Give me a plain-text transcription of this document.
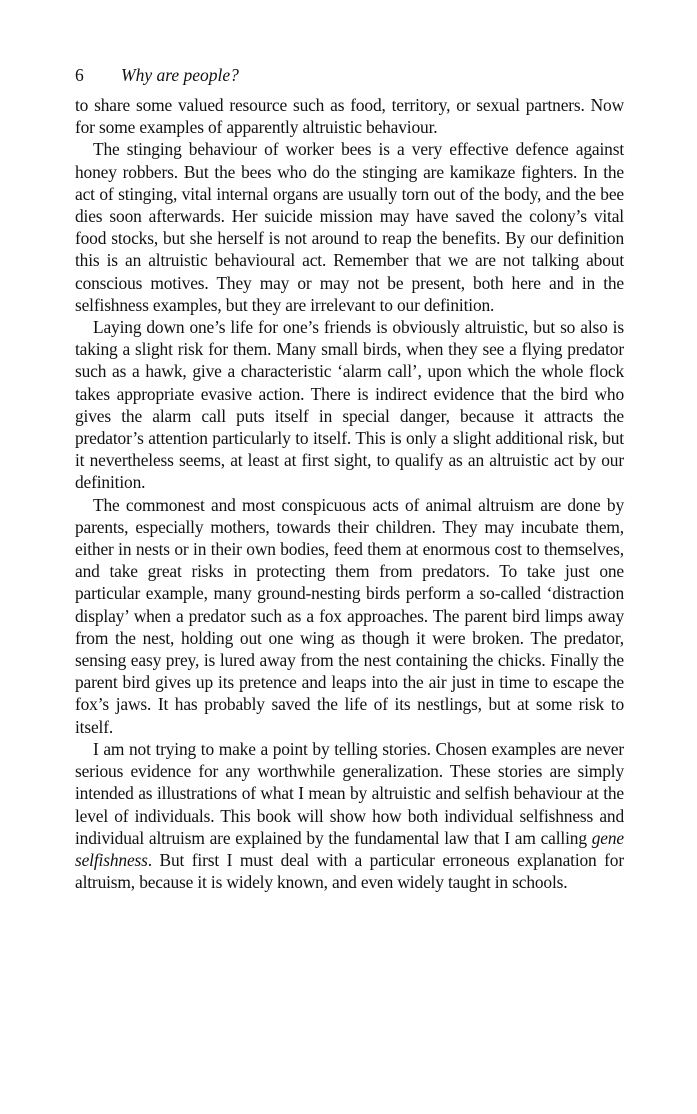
6 Why are people?

to share some valued resource such as food, territory, or sexual partners. Now for some examples of apparently altruistic behaviour.

The stinging behaviour of worker bees is a very effective defence against honey robbers. But the bees who do the stinging are kamikaze fighters. In the act of stinging, vital internal organs are usually torn out of the body, and the bee dies soon afterwards. Her suicide mission may have saved the colony’s vital food stocks, but she herself is not around to reap the benefits. By our definition this is an altruistic behavioural act. Remember that we are not talking about conscious motives. They may or may not be present, both here and in the selfishness examples, but they are irrelevant to our definition.

Laying down one’s life for one’s friends is obviously altruistic, but so also is taking a slight risk for them. Many small birds, when they see a flying predator such as a hawk, give a characteristic ‘alarm call’, upon which the whole flock takes appropriate evasive action. There is indirect evidence that the bird who gives the alarm call puts itself in special danger, because it attracts the predator’s attention particularly to itself. This is only a slight additional risk, but it nevertheless seems, at least at first sight, to qualify as an altruistic act by our definition.

The commonest and most conspicuous acts of animal altruism are done by parents, especially mothers, towards their children. They may incubate them, either in nests or in their own bodies, feed them at enormous cost to themselves, and take great risks in protecting them from predators. To take just one particular example, many ground-nesting birds perform a so-called ‘distraction display’ when a predator such as a fox approaches. The parent bird limps away from the nest, holding out one wing as though it were broken. The predator, sensing easy prey, is lured away from the nest containing the chicks. Finally the parent bird gives up its pretence and leaps into the air just in time to escape the fox’s jaws. It has probably saved the life of its nestlings, but at some risk to itself.

I am not trying to make a point by telling stories. Chosen examples are never serious evidence for any worthwhile generalization. These stories are simply intended as illustrations of what I mean by altruistic and selfish behaviour at the level of individuals. This book will show how both individual selfishness and individual altruism are explained by the fundamental law that I am calling gene selfishness. But first I must deal with a particular erroneous explanation for altruism, because it is widely known, and even widely taught in schools.
